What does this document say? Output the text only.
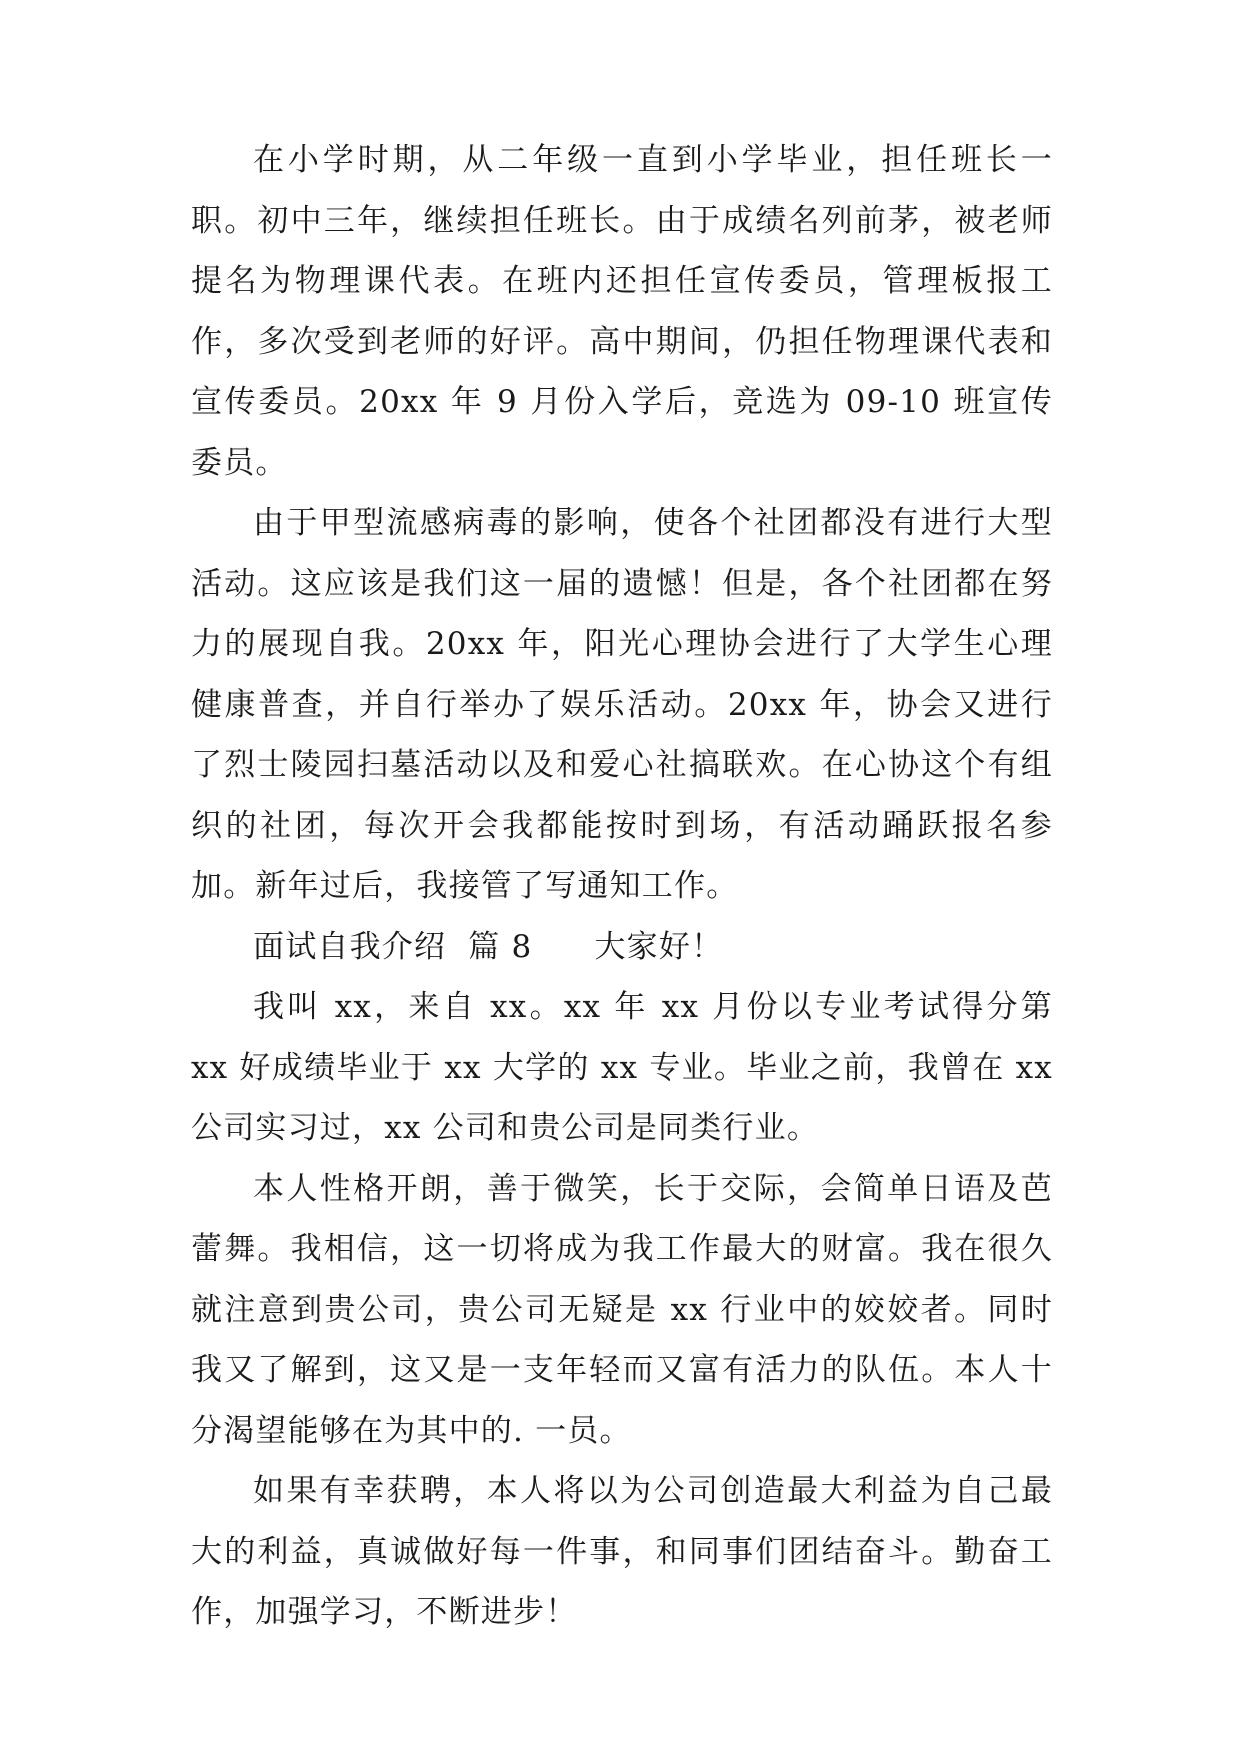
在小学时期，从二年级一直到小学毕业，担任班长一职。初中三年，继续担任班长。由于成绩名列前茅，被老师提名为物理课代表。在班内还担任宣传委员，管理板报工作，多次受到老师的好评。高中期间，仍担任物理课代表和宣传委员。20xx 年 9 月份入学后，竞选为 09-10 班宣传委员。

由于甲型流感病毒的影响，使各个社团都没有进行大型活动。这应该是我们这一届的遗憾！但是，各个社团都在努力的展现自我。20xx 年，阳光心理协会进行了大学生心理健康普查，并自行举办了娱乐活动。20xx 年，协会又进行了烈士陵园扫墓活动以及和爱心社搞联欢。在心协这个有组织的社团，每次开会我都能按时到场，有活动踊跃报名参加。新年过后，我接管了写通知工作。

面试自我介绍  篇 8 大家好！

我叫 xx，来自 xx。xx 年 xx 月份以专业考试得分第 xx 好成绩毕业于 xx 大学的 xx 专业。毕业之前，我曾在 xx 公司实习过，xx 公司和贵公司是同类行业。

本人性格开朗，善于微笑，长于交际，会简单日语及芭蕾舞。我相信，这一切将成为我工作最大的财富。我在很久就注意到贵公司，贵公司无疑是 xx 行业中的姣姣者。同时我又了解到，这又是一支年轻而又富有活力的队伍。本人十分渴望能够在为其中的. 一员。

如果有幸获聘，本人将以为公司创造最大利益为自己最大的利益，真诚做好每一件事，和同事们团结奋斗。勤奋工作，加强学习，不断进步！
